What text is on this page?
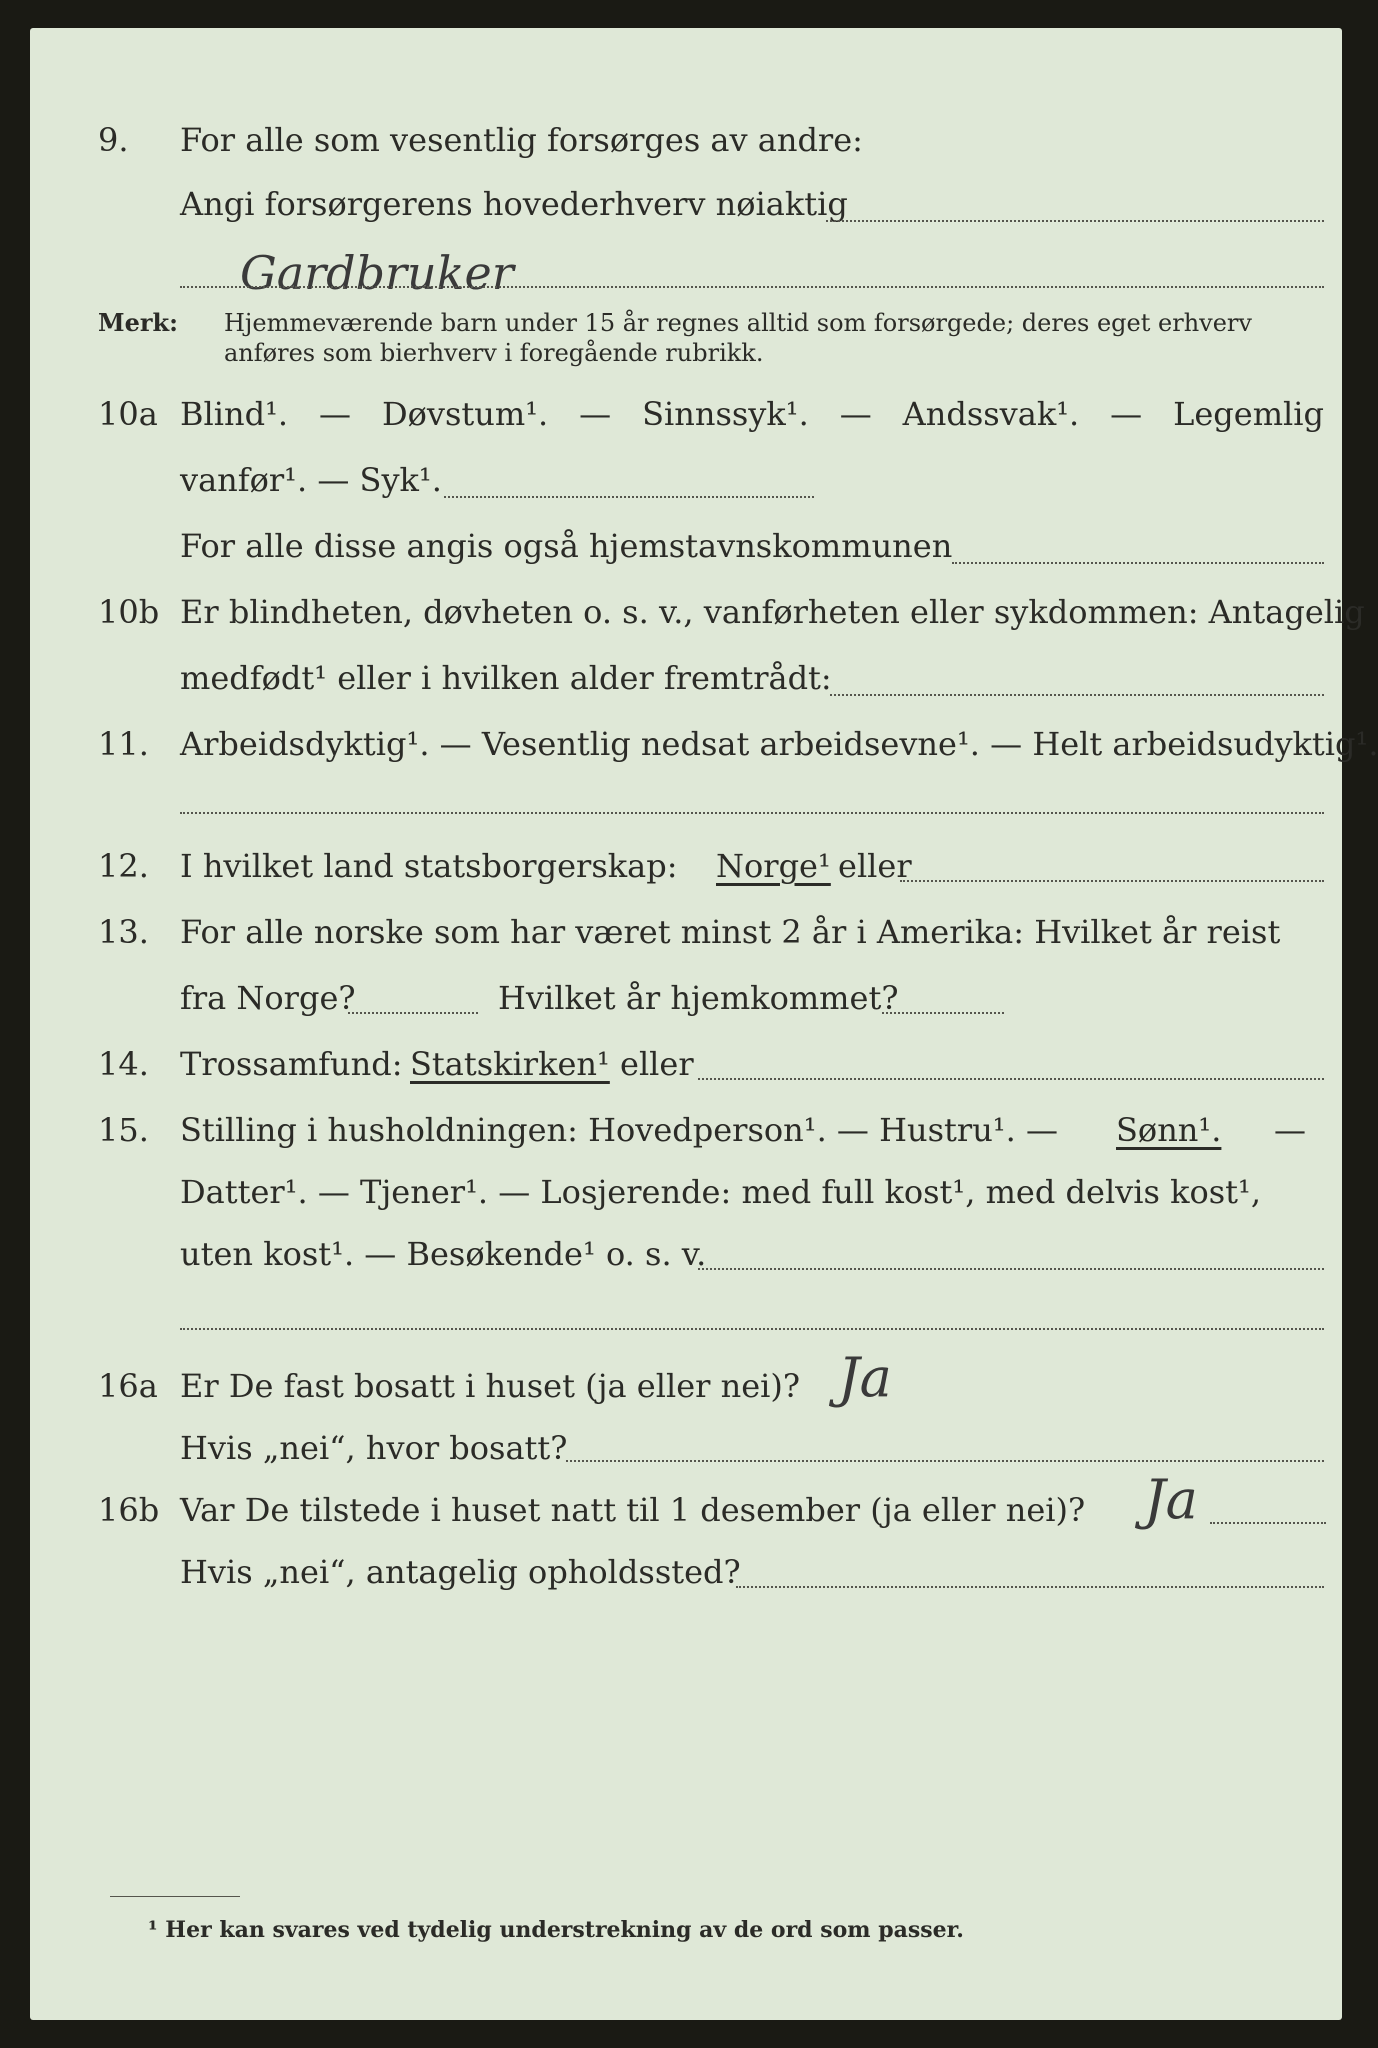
9. For alle som vesentlig forsørges av andre:
Angi forsørgerens hovederhverv nøiaktig
Gardbruker
Merk: Hjemmeværende barn under 15 år regnes alltid som forsørgede; deres eget erhverv
anføres som bierhverv i foregående rubrikk.
10a Blind¹. — Døvstum¹. — Sinnssyk¹. — Andssvak¹. — Legemlig
vanfør¹. — Syk¹.
For alle disse angis også hjemstavnskommunen
10b Er blindheten, døvheten o. s. v., vanførheten eller sykdommen: Antagelig
medfødt¹ eller i hvilken alder fremtrådt:
11. Arbeidsdyktig¹. — Vesentlig nedsat arbeidsevne¹. — Helt arbeidsudyktig¹.
12. I hvilket land statsborgerskap: Norge¹ eller
13. For alle norske som har været minst 2 år i Amerika: Hvilket år reist
fra Norge?	Hvilket år hjemkommet?
14. Trossamfund: Statskirken¹ eller
15. Stilling i husholdningen: Hovedperson¹. — Hustru¹. — Sønn¹. —
Datter¹. — Tjener¹. — Losjerende: med full kost¹, med delvis kost¹,
uten kost¹. — Besøkende¹ o. s. v.
16a Er De fast bosatt i huset (ja eller nei)? Ja
Hvis „nei“, hvor bosatt?
16b Var De tilstede i huset natt til 1 desember (ja eller nei)? Ja
Hvis „nei“, antagelig opholdssted?
¹ Her kan svares ved tydelig understrekning av de ord som passer.
